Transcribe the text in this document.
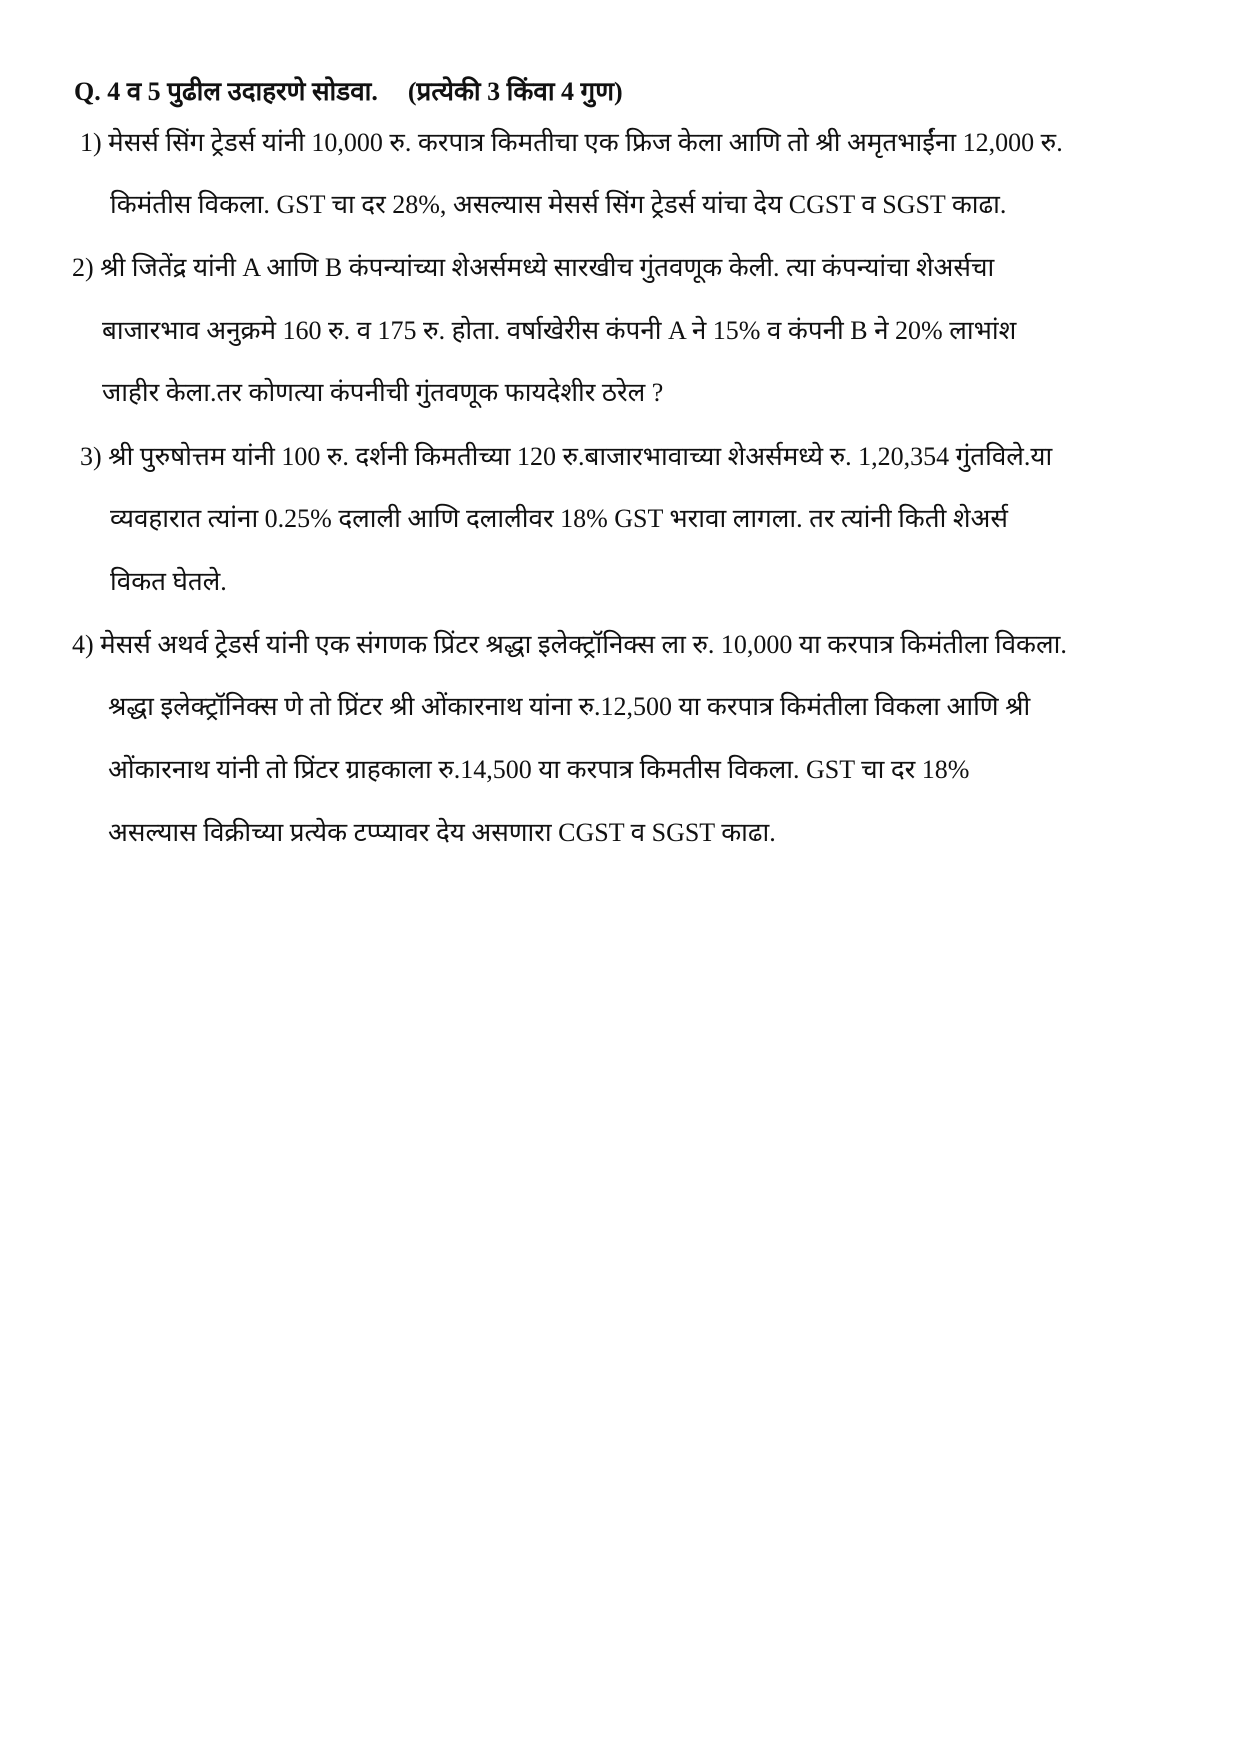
Q. 4 व 5 पुढील उदाहरणे सोडवा. (प्रत्येकी 3 किंवा 4 गुण)
1) मेसर्स सिंग ट्रेडर्स यांनी 10,000 रु. करपात्र किमतीचा एक फ्रिज केला आणि तो श्री अमृतभाईंना 12,000 रु.
किमंतीस विकला. GST चा दर 28%, असल्यास मेसर्स सिंग ट्रेडर्स यांचा देय CGST व SGST काढा.
2) श्री जितेंद्र यांनी A आणि B कंपन्यांच्या शेअर्समध्ये सारखीच गुंतवणूक केली. त्या कंपन्यांचा शेअर्सचा
बाजारभाव अनुक्रमे 160 रु. व 175 रु. होता. वर्षाखेरीस कंपनी A ने 15% व कंपनी B ने 20% लाभांश
जाहीर केला.तर कोणत्या कंपनीची गुंतवणूक फायदेशीर ठरेल ?
3) श्री पुरुषोत्तम यांनी 100 रु. दर्शनी किमतीच्या 120 रु.बाजारभावाच्या शेअर्समध्ये रु. 1,20,354 गुंतविले.या
व्यवहारात त्यांना 0.25% दलाली आणि दलालीवर 18% GST भरावा लागला. तर त्यांनी किती शेअर्स
विकत घेतले.
4) मेसर्स अथर्व ट्रेडर्स यांनी एक संगणक प्रिंटर श्रद्धा इलेक्ट्रॉनिक्स ला रु. 10,000 या करपात्र किमंतीला विकला.
श्रद्धा इलेक्ट्रॉनिक्स णे तो प्रिंटर श्री ओंकारनाथ यांना रु.12,500 या करपात्र किमंतीला विकला आणि श्री
ओंकारनाथ यांनी तो प्रिंटर ग्राहकाला रु.14,500 या करपात्र किमतीस विकला. GST चा दर 18%
असल्यास विक्रीच्या प्रत्येक टप्प्यावर देय असणारा CGST व SGST काढा.
